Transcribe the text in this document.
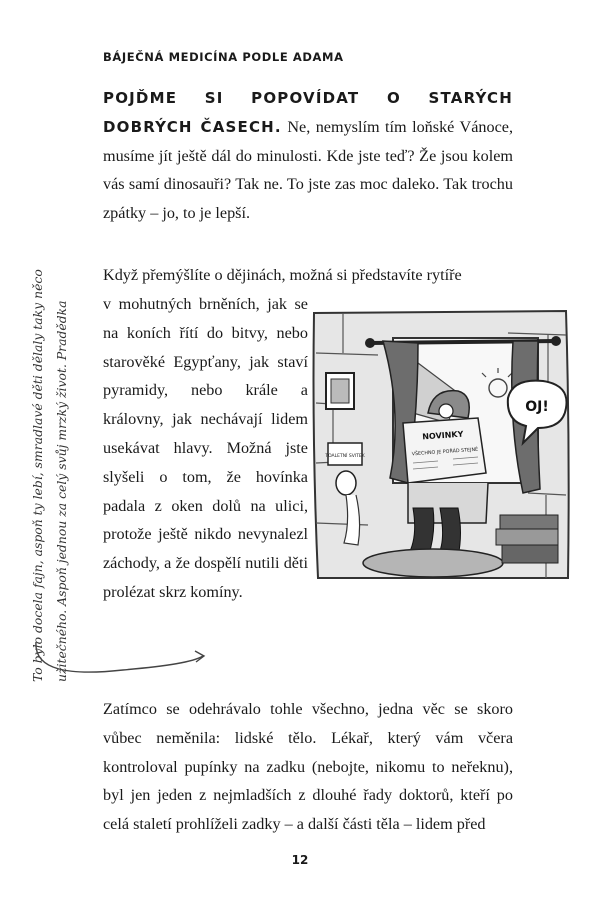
BÁJEČNÁ MEDICÍNA PODLE ADAMA
POJĎME SI POPOVÍDAT O STARÝCH DOBRÝCH ČASECH. Ne, nemyslím tím loňské Vánoce, musíme jít ještě dál do minulosti. Kde jste teď? Že jsou kolem vás samí dinosauři? Tak ne. To jste zas moc daleko. Tak trochu zpátky – jo, to je lepší.
Když přemýšlíte o dějinách, možná si představíte rytíře
v mohutných brněních, jak se na koních řítí do bitvy, nebo starověké Egypťany, jak staví pyramidy, nebo krále a královny, jak nechávají lidem usekávat hlavy. Možná jste slyšeli o tom, že hovínka padala z oken dolů na ulici, protože ještě nikdo nevynalezl záchody, a že dospělí nutili děti prolézat skrz komíny.
To bylo docela fajn, aspoň ty lebí, smradlavé děti dělaly taky něco užitečného. Aspoň jednou za celý svůj mrzký život. Pradědka	TOALETNÍ SVITEK
OJ!
NOVINKY
VŠECHNO JE POŘÁD STEJNÉ
Zatímco se odehrávalo tohle všechno, jedna věc se skoro vůbec neměnila: lidské tělo. Lékař, který vám včera kontroloval pupínky na zadku (nebojte, nikomu to neřeknu), byl jen jeden z nejmladších z dlouhé řady doktorů, kteří po celá staletí prohlíželi zadky – a další části těla – lidem před
12
